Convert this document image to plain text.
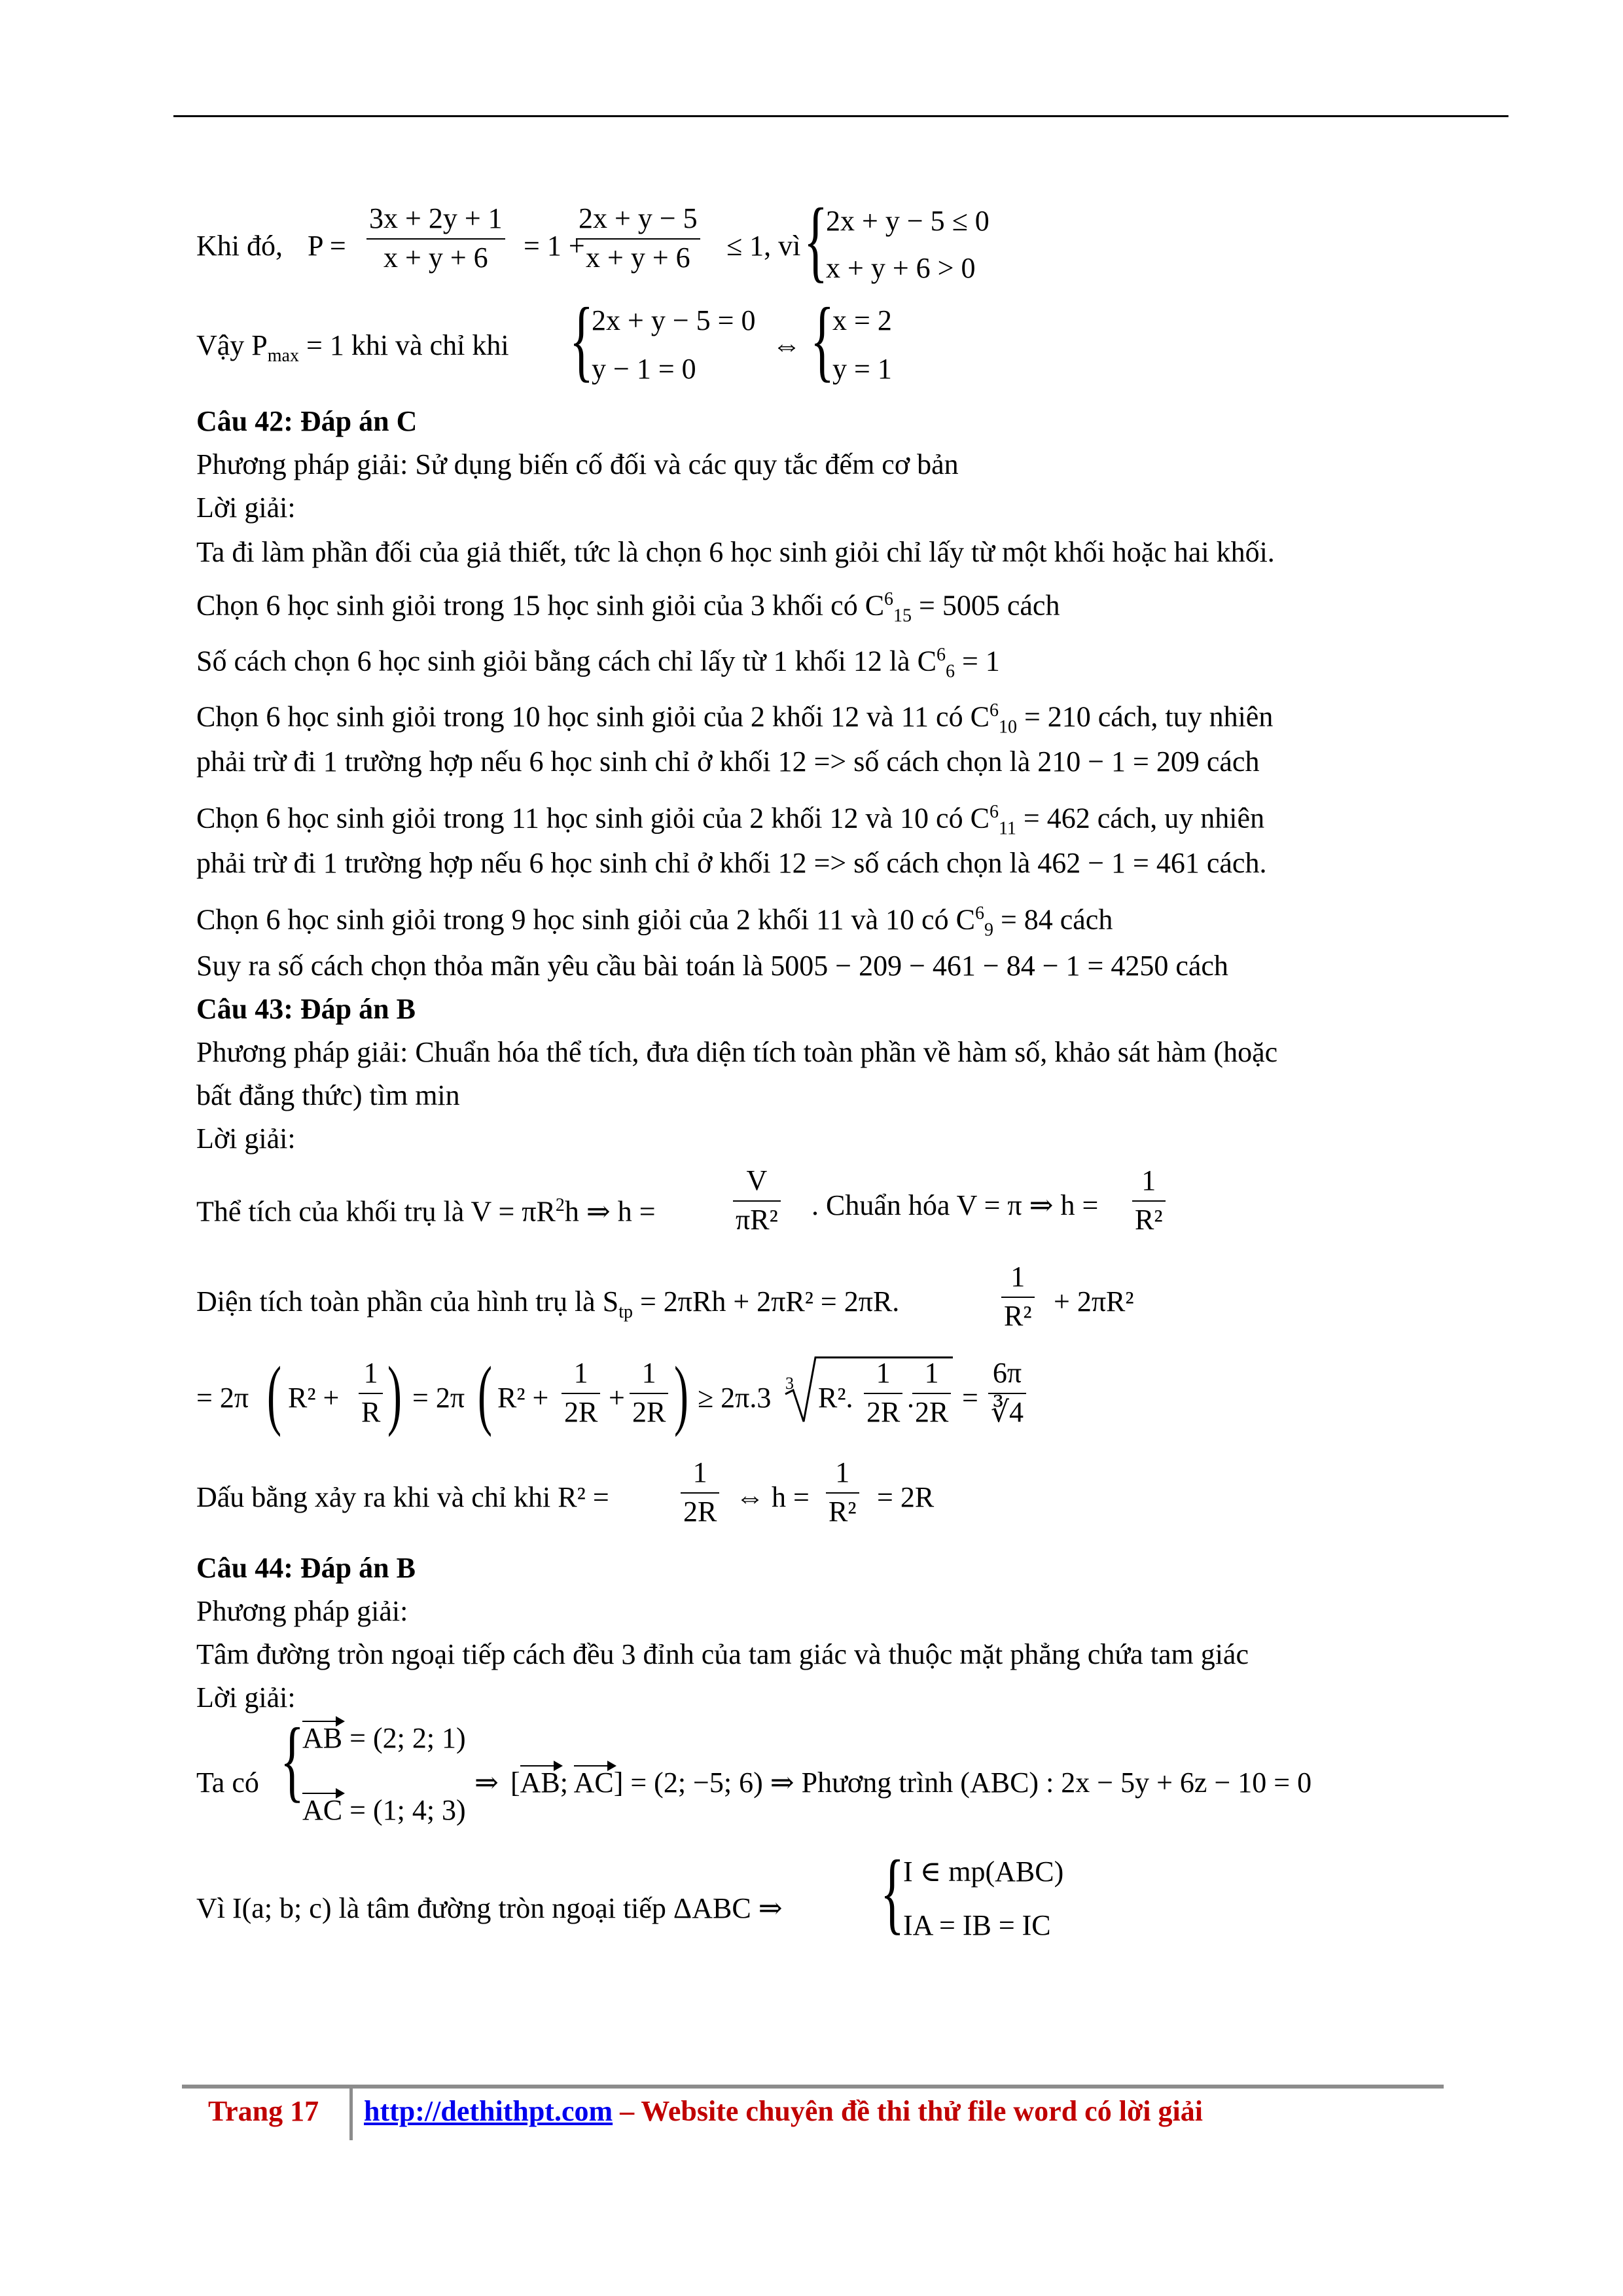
Khi đó, $P = \frac{3x + 2y + 1}{x + y + 6} = 1$ +
$\frac{2x + y - 5}{x + y + 6} \le 1$, vì {
2x + y − 5 ≤ 0
x + y + 6 > 0
Vậy $P_{max} = 1$ khi và chỉ khi {
2x + y − 5 = 0
y − 1 = 0
⇔ {
x = 2
y = 1
Câu 42: Đáp án C
Phương pháp giải: Sử dụng biến cố đối và các quy tắc đếm cơ bản
Lời giải:
Ta đi làm phần đối của giả thiết, tức là chọn 6 học sinh giỏi chỉ lấy từ một khối hoặc hai khối.
Chọn 6 học sinh giỏi trong 15 học sinh giỏi của 3 khối có $C^6_{15} = 5005$ cách
Số cách chọn 6 học sinh giỏi bằng cách chỉ lấy từ 1 khối 12 là $C^6_6 = 1$
Chọn 6 học sinh giỏi trong 10 học sinh giỏi của 2 khối 12 và 11 có $C^6_{10} = 210$ cách, tuy nhiên
phải trừ đi 1 trường hợp nếu 6 học sinh chỉ ở khối 12 => số cách chọn là 210 − 1 = 209 cách
Chọn 6 học sinh giỏi trong 11 học sinh giỏi của 2 khối 12 và 10 có $C^6_{11} = 462$ cách, uy nhiên
phải trừ đi 1 trường hợp nếu 6 học sinh chỉ ở khối 12 => số cách chọn là 462 − 1 = 461 cách.
Chọn 6 học sinh giỏi trong 9 học sinh giỏi của 2 khối 11 và 10 có $C^6_9 = 84$ cách
Suy ra số cách chọn thỏa mãn yêu cầu bài toán là 5005 − 209 − 461 − 84 − 1 = 4250 cách
Câu 43: Đáp án B
Phương pháp giải: Chuẩn hóa thể tích, đưa diện tích toàn phần về hàm số, khảo sát hàm (hoặc
bất đẳng thức) tìm min
Lời giải:
Thể tích của khối trụ là $V = \pi R^2h$ ⇒ h =	$\frac{V}{\text{πR²}}$ . Chuẩn hóa V = π ⇒ $h = \frac{1}{\text{R²}}$
Diện tích toàn phần của hình trụ là $S_{tp} = 2\pi Rh + 2\pi R^2 = 2\pi R$.	$\frac{1}{\text{R²}} + 2\pi R^2$
= 2π ( $R^2 + \frac{1}{R}$ ) = 2π ( $R^2 + \frac{1}{2R} + \frac{1}{2R}$ ) ≥ 2π.3 3 R². $\frac{1}{2R}$ .
$\frac{1}{2R} = \frac{6\pi}{∛4}$
Dấu bằng xảy ra khi và chỉ khi $R^2 = \frac{1}{2R}$ ⇔ $h = \frac{1}{\text{R²}} = 2R$
Câu 44: Đáp án B
Phương pháp giải:
Tâm đường tròn ngoại tiếp cách đều 3 đỉnh của tam giác và thuộc mặt phẳng chứa tam giác
Lời giải:
Ta có {
AB = (2; 2; 1)
AC = (1; 4; 3)
⇒ [AB; AC] = (2; −5; 6) ⇒ Phương trình (ABC) : 2x − 5y + 6z − 10 = 0
Vì I(a; b; c) là tâm đường tròn ngoại tiếp ΔABC ⇒ {
I ∈ mp(ABC)
IA = IB = IC
Trang 17 http://dethithpt.com – Website chuyên đề thi thử file word có lời giải
